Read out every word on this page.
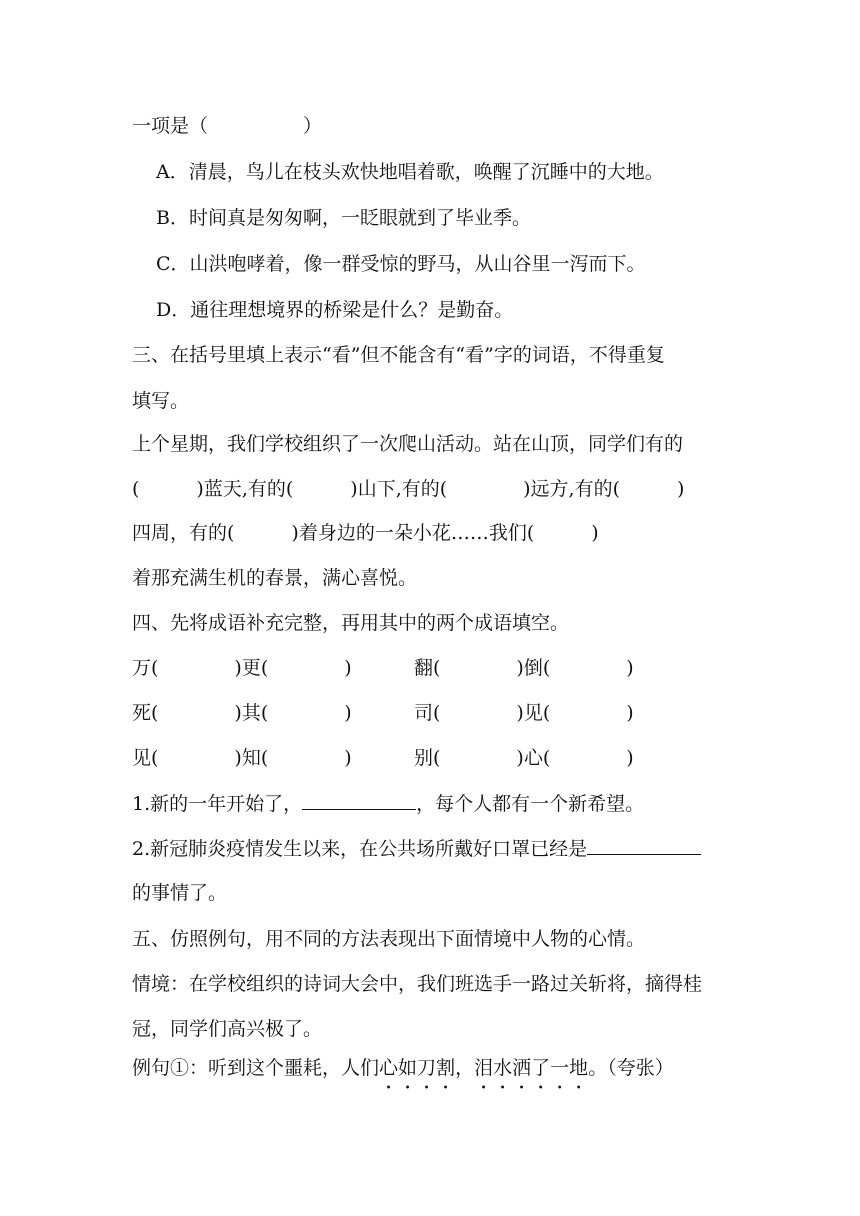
一项是（　　　　　）
A．清晨，鸟儿在枝头欢快地唱着歌，唤醒了沉睡中的大地。
B．时间真是匆匆啊，一眨眼就到了毕业季。
C．山洪咆哮着，像一群受惊的野马，从山谷里一泻而下。
D．通往理想境界的桥梁是什么？是勤奋。
三、在括号里填上表示“看”但不能含有“看”字的词语，不得重复
填写。
上个星期，我们学校组织了一次爬山活动。站在山顶，同学们有的
(　　　)蓝天,有的(　　　)山下,有的(　　　　)远方,有的(　　　)
四周，有的(　　　)着身边的一朵小花……我们(　　　)
着那充满生机的春景，满心喜悦。
四、先将成语补充完整，再用其中的两个成语填空。
万(　　　　)更(　　　　)	翻(　　　　)倒(　　　　)
死(　　　　)其(　　　　)	司(　　　　)见(　　　　)
见(　　　　)知(　　　　)	别(　　　　)心(　　　　)
1.新的一年开始了，	，每个人都有一个新希望。
2.新冠肺炎疫情发生以来，在公共场所戴好口罩已经是
的事情了。
五、仿照例句，用不同的方法表现出下面情境中人物的心情。
情境：在学校组织的诗词大会中，我们班选手一路过关斩将，摘得桂
冠，同学们高兴极了。
例句①：听到这个噩耗，人们心如刀割，泪水洒了一地。（夸张）
